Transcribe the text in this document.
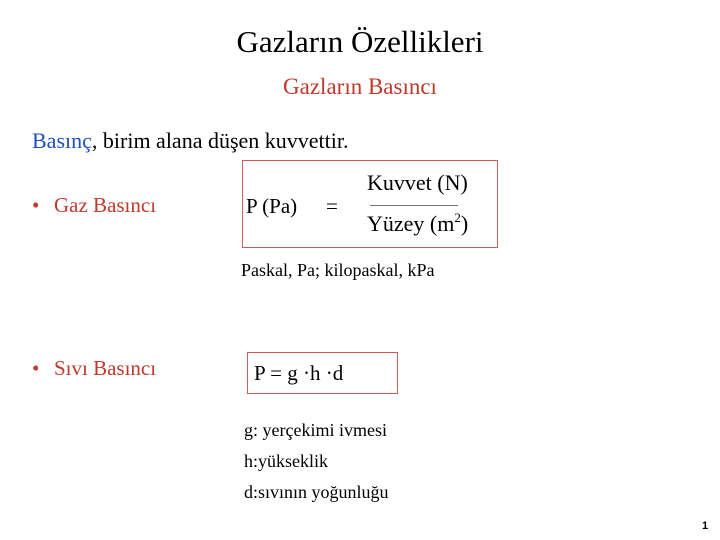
Gazların Özellikleri
Gazların Basıncı
Basınç, birim alana düşen kuvvettir.
• Gaz Basıncı	P (Pa) =
Kuvvet (N)
Yüzey $(m^2)$
Paskal, Pa; kilopaskal, kPa
• Sıvı Basıncı	P = g ·h ·d
g: yerçekimi ivmesi
h:yükseklik
d:sıvının yoğunluğu
1
